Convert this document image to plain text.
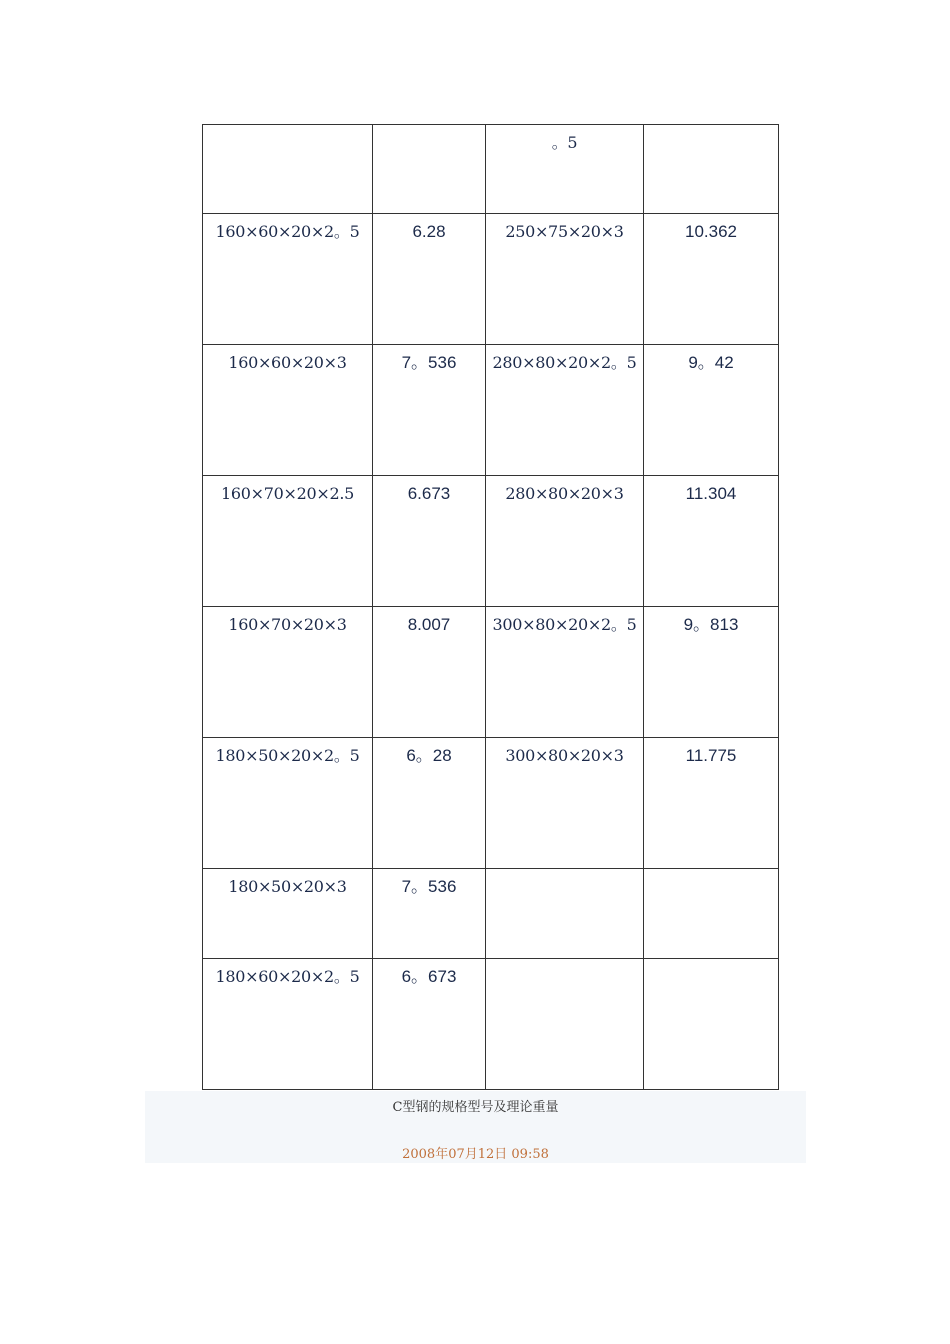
		。5	

160×60×20×2。5	6.28	250×75×20×3	10.362

160×60×20×3	7。536	280×80×20×2。5	9。42

160×70×20×2.5	6.673	280×80×20×3	11.304

160×70×20×3	8.007	300×80×20×2。5	9。813

180×50×20×2。5	6。28	300×80×20×3	11.775

180×50×20×3	7。536		

180×60×20×2。5	6。673		

C型钢的规格型号及理论重量
2008年07月12日 09:58
